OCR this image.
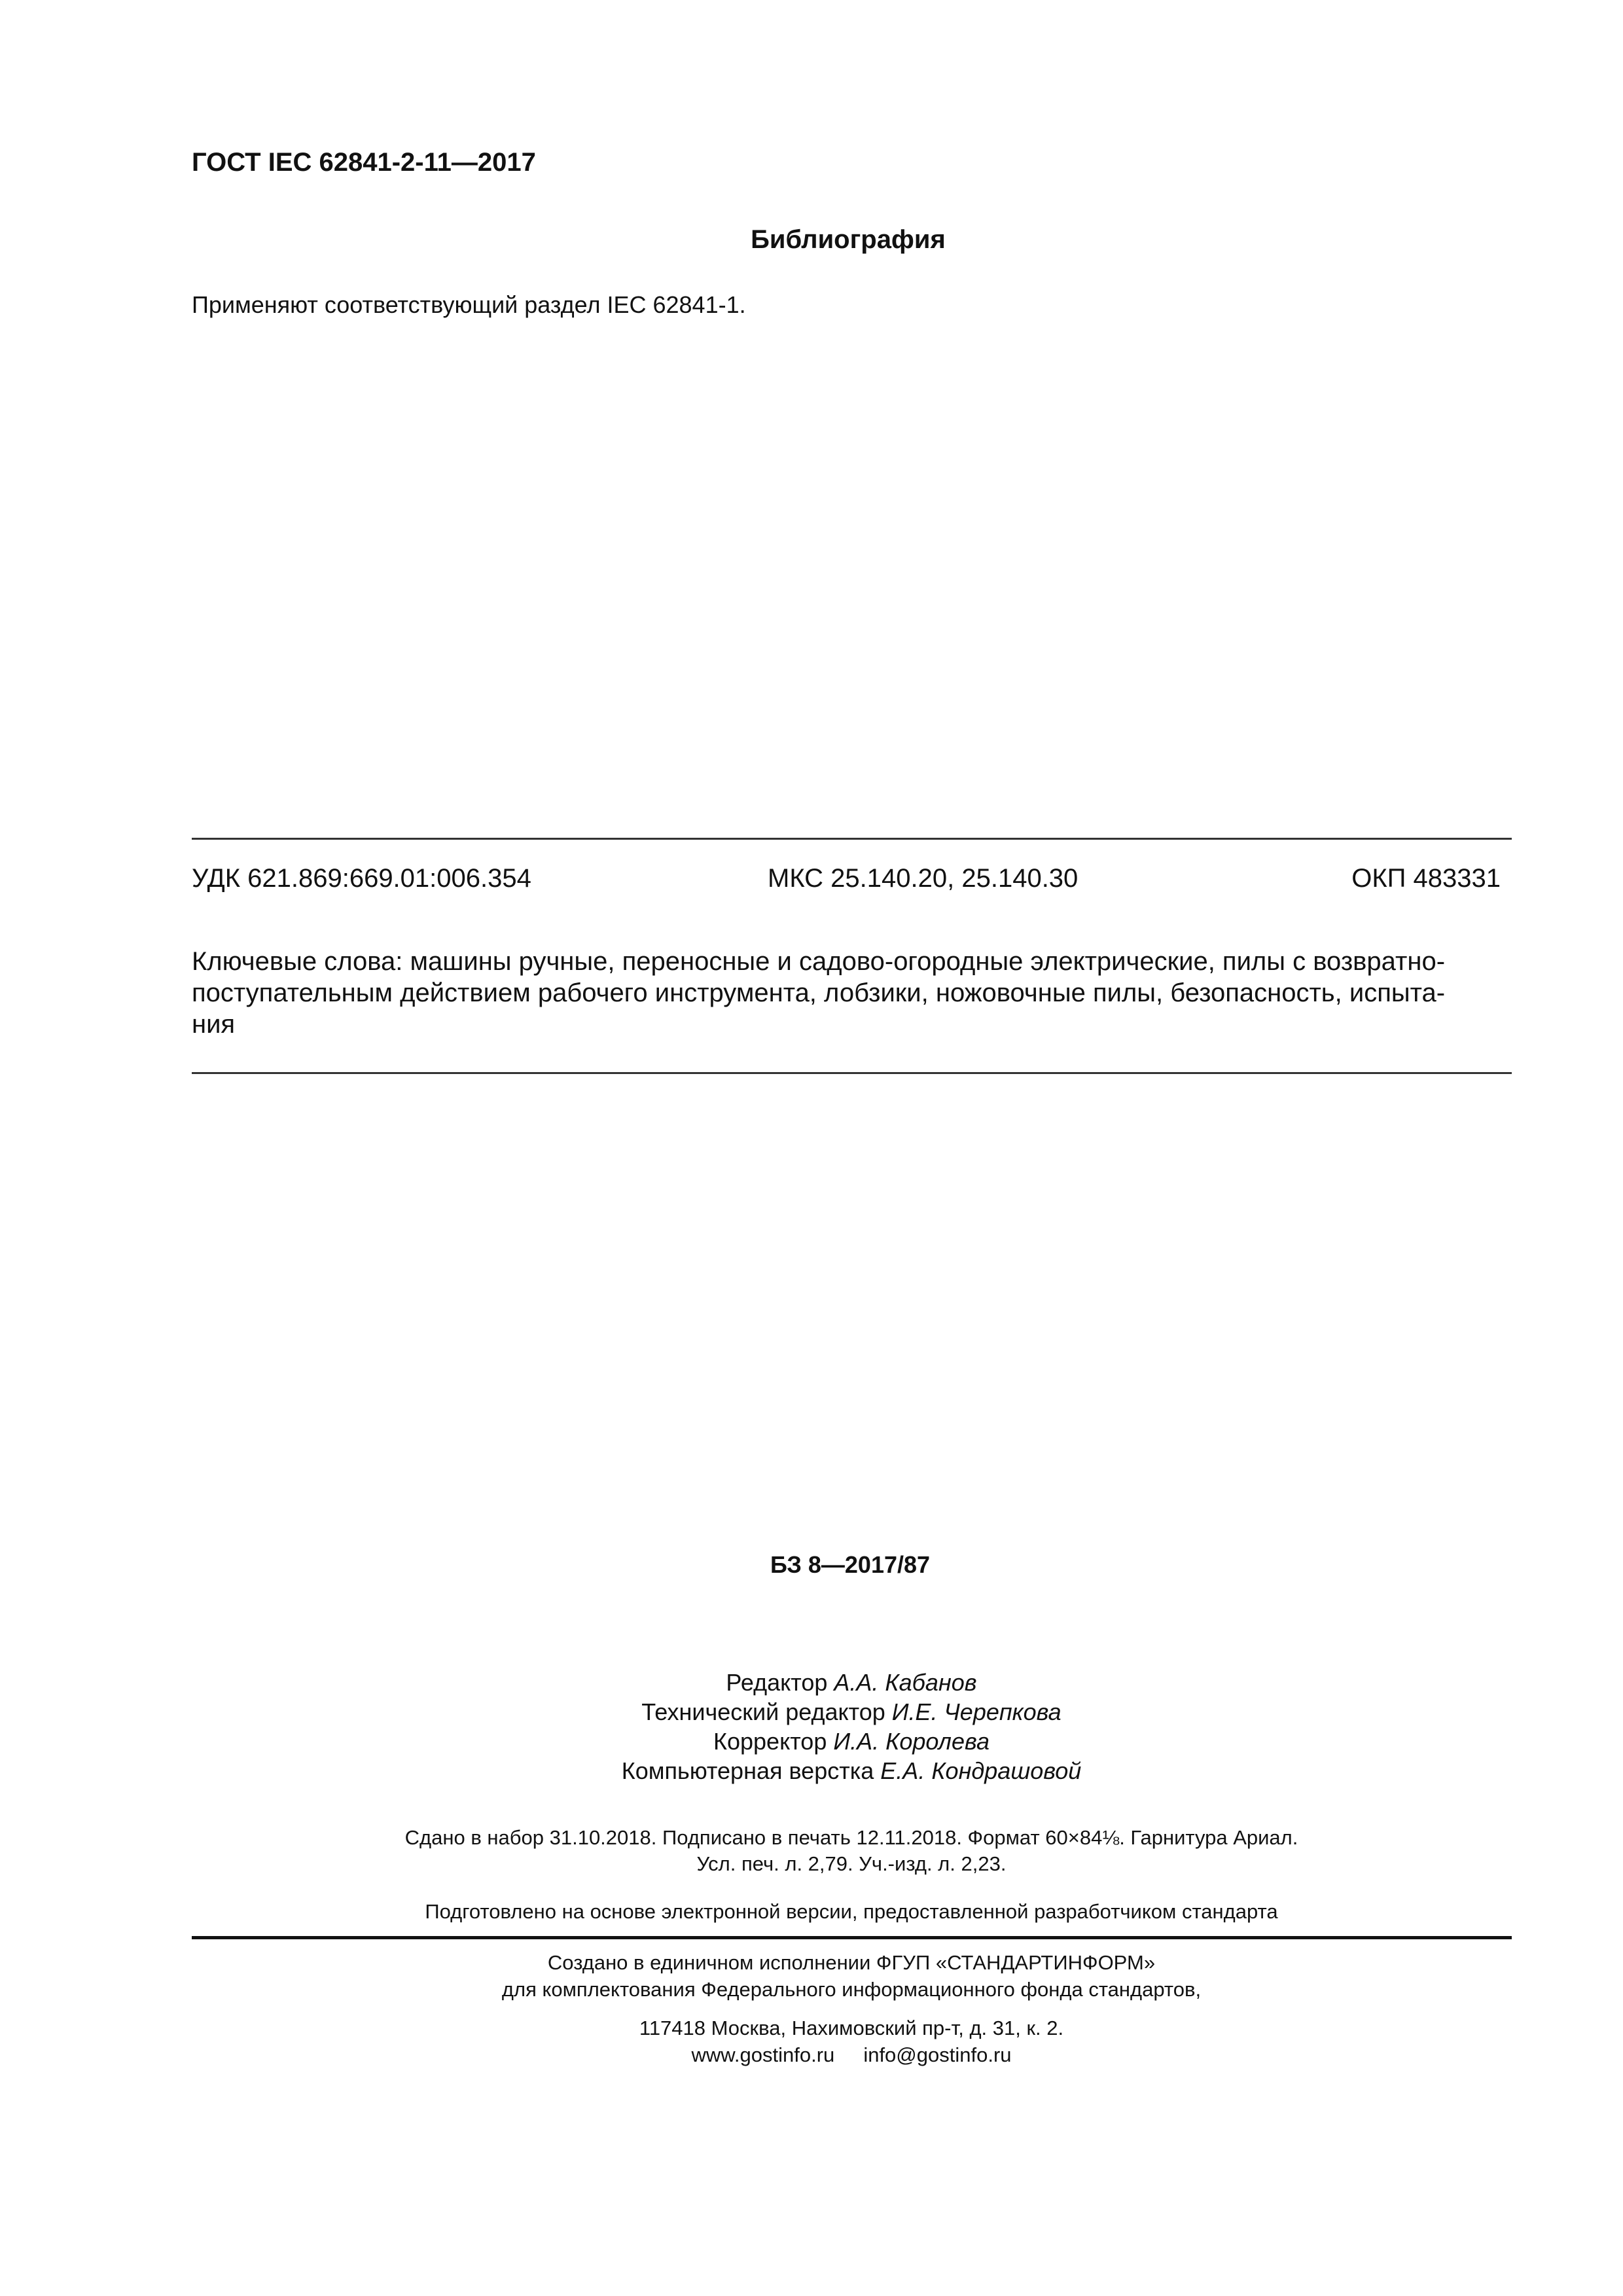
ГОСТ IEC 62841-2-11—2017
Библиография
Применяют соответствующий раздел IEC 62841-1.
УДК 621.869:669.01:006.354	МКС 25.140.20, 25.140.30	ОКП 483331
Ключевые слова: машины ручные, переносные и садово-огородные электрические, пилы с возвратно-
поступательным действием рабочего инструмента, лобзики, ножовочные пилы, безопасность, испыта-
ния
БЗ 8—2017/87
Редактор А.А. Кабанов
Технический редактор И.Е. Черепкова
Корректор И.А. Королева
Компьютерная верстка Е.А. Кондрашовой
Сдано в набор 31.10.2018. Подписано в печать 12.11.2018. Формат 60×84⅛. Гарнитура Ариал.
Усл. печ. л. 2,79. Уч.-изд. л. 2,23.
Подготовлено на основе электронной версии, предоставленной разработчиком стандарта
Создано в единичном исполнении ФГУП «СТАНДАРТИНФОРМ»
для комплектования Федерального информационного фонда стандартов,
117418 Москва, Нахимовский пр-т, д. 31, к. 2.
www.gostinfo.ru info@gostinfo.ru
